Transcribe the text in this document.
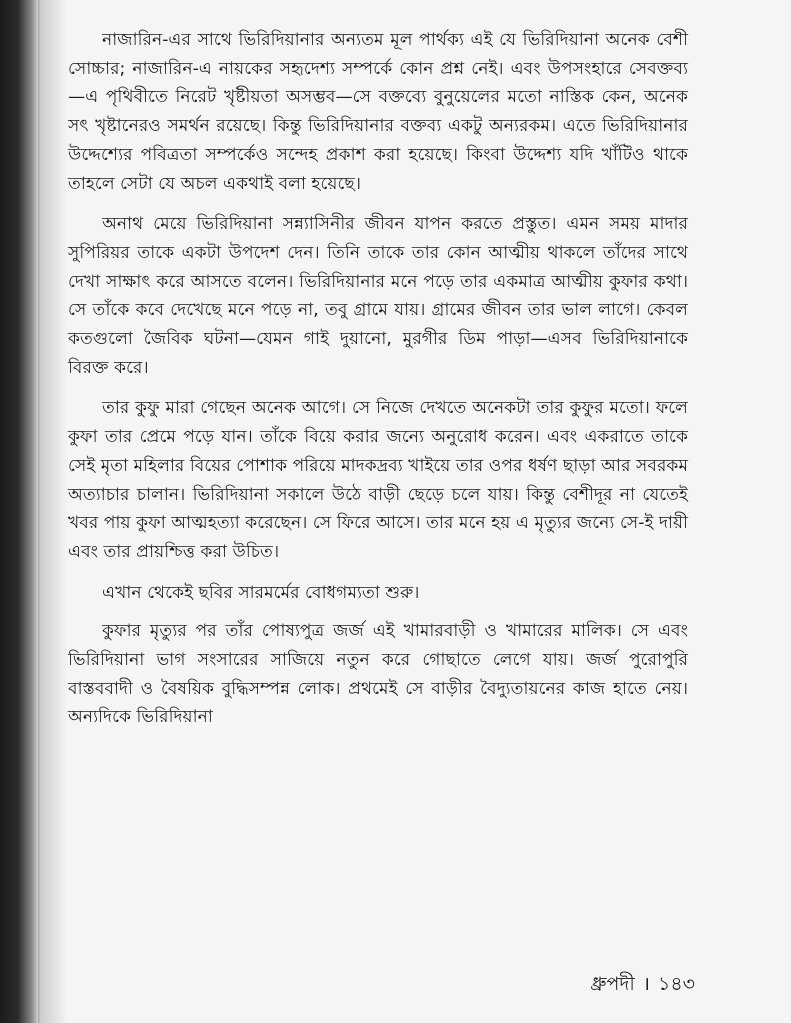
নাজারিন-এর সাথে ভিরিদিয়ানার অন্যতম মূল পার্থক্য এই যে ভিরিদিয়ানা অনেক বেশী সোচ্চার; নাজারিন-এ নায়কের সহৃদেশ্য সম্পর্কে কোন প্রশ্ন নেই। এবং উপসংহারে সেবক্তব্য—এ পৃথিবীতে নিরেট খৃষ্টীয়তা অসম্ভব—সে বক্তব্যে বুনুয়েলের মতো নাস্তিক কেন, অনেক সৎ খৃষ্টানেরও সমর্থন রয়েছে। কিন্তু ভিরিদিয়ানার বক্তব্য একটু অন্যরকম। এতে ভিরিদিয়ানার উদ্দেশ্যের পবিত্রতা সম্পর্কেও সন্দেহ প্রকাশ করা হয়েছে। কিংবা উদ্দেশ্য যদি খাঁটিও থাকে তাহলে সেটা যে অচল একথাই বলা হয়েছে।

অনাথ মেয়ে ভিরিদিয়ানা সন্ন্যাসিনীর জীবন যাপন করতে প্রস্তুত। এমন সময় মাদার সুপিরিয়র তাকে একটা উপদেশ দেন। তিনি তাকে তার কোন আত্মীয় থাকলে তাঁদের সাথে দেখা সাক্ষাৎ করে আসতে বলেন। ভিরিদিয়ানার মনে পড়ে তার একমাত্র আত্মীয় কুফার কথা। সে তাঁকে কবে দেখেছে মনে পড়ে না, তবু গ্রামে যায়। গ্রামের জীবন তার ভাল লাগে। কেবল কতগুলো জৈবিক ঘটনা—যেমন গাই দুয়ানো, মুরগীর ডিম পাড়া—এসব ভিরিদিয়ানাকে বিরক্ত করে।

তার কুফু মারা গেছেন অনেক আগে। সে নিজে দেখতে অনেকটা তার কুফুর মতো। ফলে কুফা তার প্রেমে পড়ে যান। তাঁকে বিয়ে করার জন্যে অনুরোধ করেন। এবং একরাতে তাকে সেই মৃতা মহিলার বিয়ের পোশাক পরিয়ে মাদকদ্রব্য খাইয়ে তার ওপর ধর্ষণ ছাড়া আর সবরকম অত্যাচার চালান। ভিরিদিয়ানা সকালে উঠে বাড়ী ছেড়ে চলে যায়। কিন্তু বেশীদূর না যেতেই খবর পায় কুফা আত্মহত্যা করেছেন। সে ফিরে আসে। তার মনে হয় এ মৃত্যুর জন্যে সে-ই দায়ী এবং তার প্রায়শ্চিত্ত করা উচিত।

এখান থেকেই ছবির সারমর্মের বোধগম্যতা শুরু।

কুফার মৃত্যুর পর তাঁর পোষ্যপুত্র জর্জ এই খামারবাড়ী ও খামারের মালিক। সে এবং ভিরিদিয়ানা ভাগ সংসারের সাজিয়ে নতুন করে গোছাতে লেগে যায়। জর্জ পুরোপুরি বাস্তববাদী ও বৈষয়িক বুদ্ধিসম্পন্ন লোক। প্রথমেই সে বাড়ীর বৈদ্যুতায়নের কাজ হাতে নেয়। অন্যদিকে ভিরিদিয়ানা

ধ্রুপদী । ১৪৩
